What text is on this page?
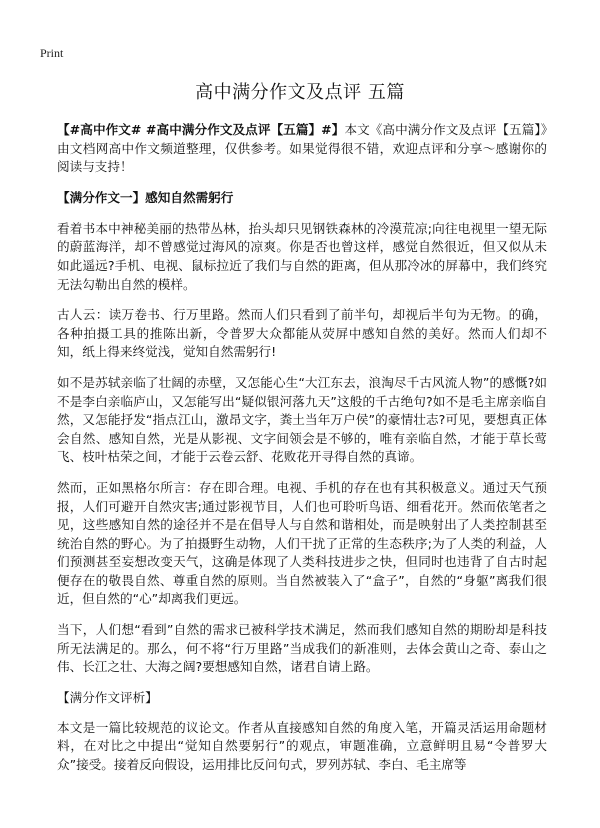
Print
高中满分作文及点评 五篇

【#高中作文# #高中满分作文及点评【五篇】#】本文《高中满分作文及点评【五篇】》由文档网高中作文频道整理，仅供参考。如果觉得很不错，欢迎点评和分享～感谢你的阅读与支持！

【满分作文一】感知自然需躬行

看着书本中神秘美丽的热带丛林，抬头却只见钢铁森林的冷漠荒凉;向往电视里一望无际的蔚蓝海洋，却不曾感觉过海风的凉爽。你是否也曾这样，感觉自然很近，但又似从未如此遥远?手机、电视、鼠标拉近了我们与自然的距离，但从那冷冰的屏幕中，我们终究无法勾勒出自然的模样。

古人云：读万卷书、行万里路。然而人们只看到了前半句，却视后半句为无物。的确，各种拍摄工具的推陈出新，令普罗大众都能从荧屏中感知自然的美好。然而人们却不知，纸上得来终觉浅，觉知自然需躬行!

如不是苏轼亲临了壮阔的赤壁，又怎能心生“大江东去，浪淘尽千古风流人物”的感慨?如不是李白亲临庐山，又怎能写出“疑似银河落九天”这般的千古绝句?如不是毛主席亲临自然，又怎能抒发“指点江山，激昂文字，粪土当年万户侯”的豪情壮志?可见，要想真正体会自然、感知自然，光是从影视、文字间领会是不够的，唯有亲临自然，才能于草长莺飞、枝叶枯荣之间，才能于云卷云舒、花败花开寻得自然的真谛。

然而，正如黑格尔所言：存在即合理。电视、手机的存在也有其积极意义。通过天气预报，人们可避开自然灾害;通过影视节目，人们也可聆听鸟语、细看花开。然而依笔者之见，这些感知自然的途径并不是在倡导人与自然和谐相处，而是映射出了人类控制甚至统治自然的野心。为了拍摄野生动物，人们干扰了正常的生态秩序;为了人类的利益，人们预测甚至妄想改变天气，这确是体现了人类科技进步之快，但同时也违背了自古时起便存在的敬畏自然、尊重自然的原则。当自然被装入了“盒子”，自然的“身躯”离我们很近，但自然的“心”却离我们更远。

当下，人们想“看到”自然的需求已被科学技术满足，然而我们感知自然的期盼却是科技所无法满足的。那么，何不将“行万里路”当成我们的新准则，去体会黄山之奇、泰山之伟、长江之壮、大海之阔?要想感知自然，诸君自请上路。

【满分作文评析】

本文是一篇比较规范的议论文。作者从直接感知自然的角度入笔，开篇灵活运用命题材料，在对比之中提出“觉知自然要躬行”的观点，审题准确，立意鲜明且易“令普罗大众”接受。接着反向假设，运用排比反问句式，罗列苏轼、李白、毛主席等
